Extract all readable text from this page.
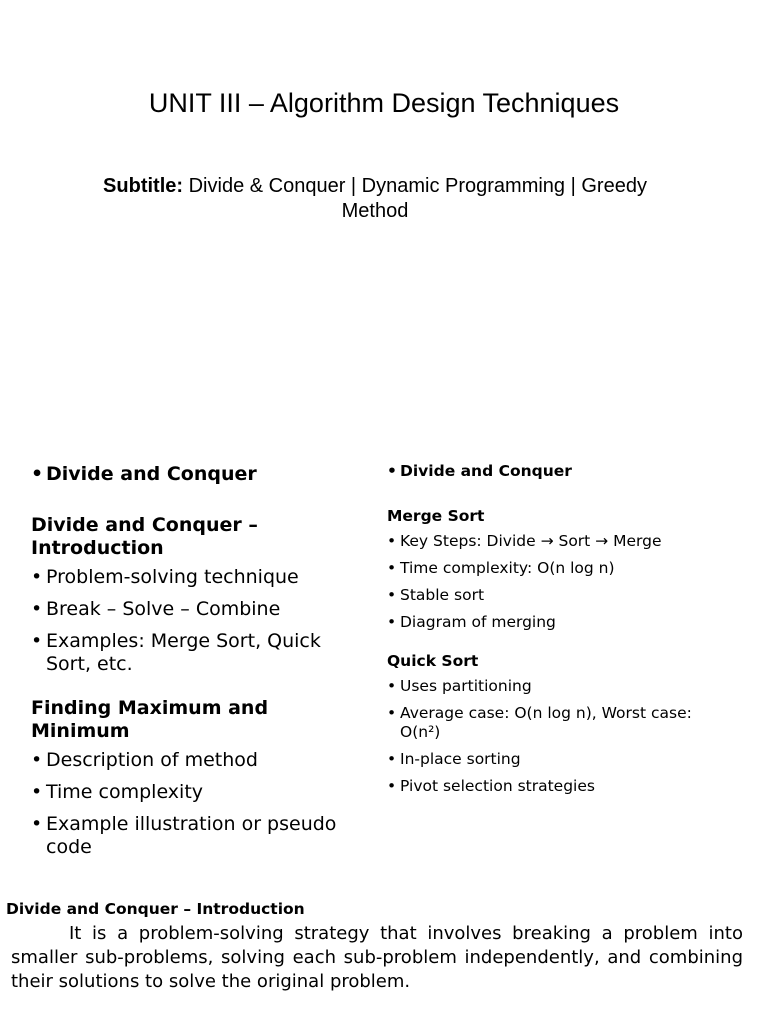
UNIT III – Algorithm Design Techniques
Subtitle: Divide & Conquer | Dynamic Programming | Greedy Method
• Divide and Conquer
Divide and Conquer – Introduction
• Problem-solving technique
• Break – Solve – Combine
• Examples: Merge Sort, Quick Sort, etc.
Finding Maximum and Minimum
• Description of method
• Time complexity
• Example illustration or pseudo code
• Divide and Conquer
Merge Sort
• Key Steps: Divide → Sort → Merge
• Time complexity: O(n log n)
• Stable sort
• Diagram of merging
Quick Sort
• Uses partitioning
• Average case: O(n log n), Worst case: O(n²)
• In-place sorting
• Pivot selection strategies
Divide and Conquer – Introduction

It is a problem-solving strategy that involves breaking a problem into smaller sub-problems, solving each sub-problem independently, and combining their solutions to solve the original problem.
